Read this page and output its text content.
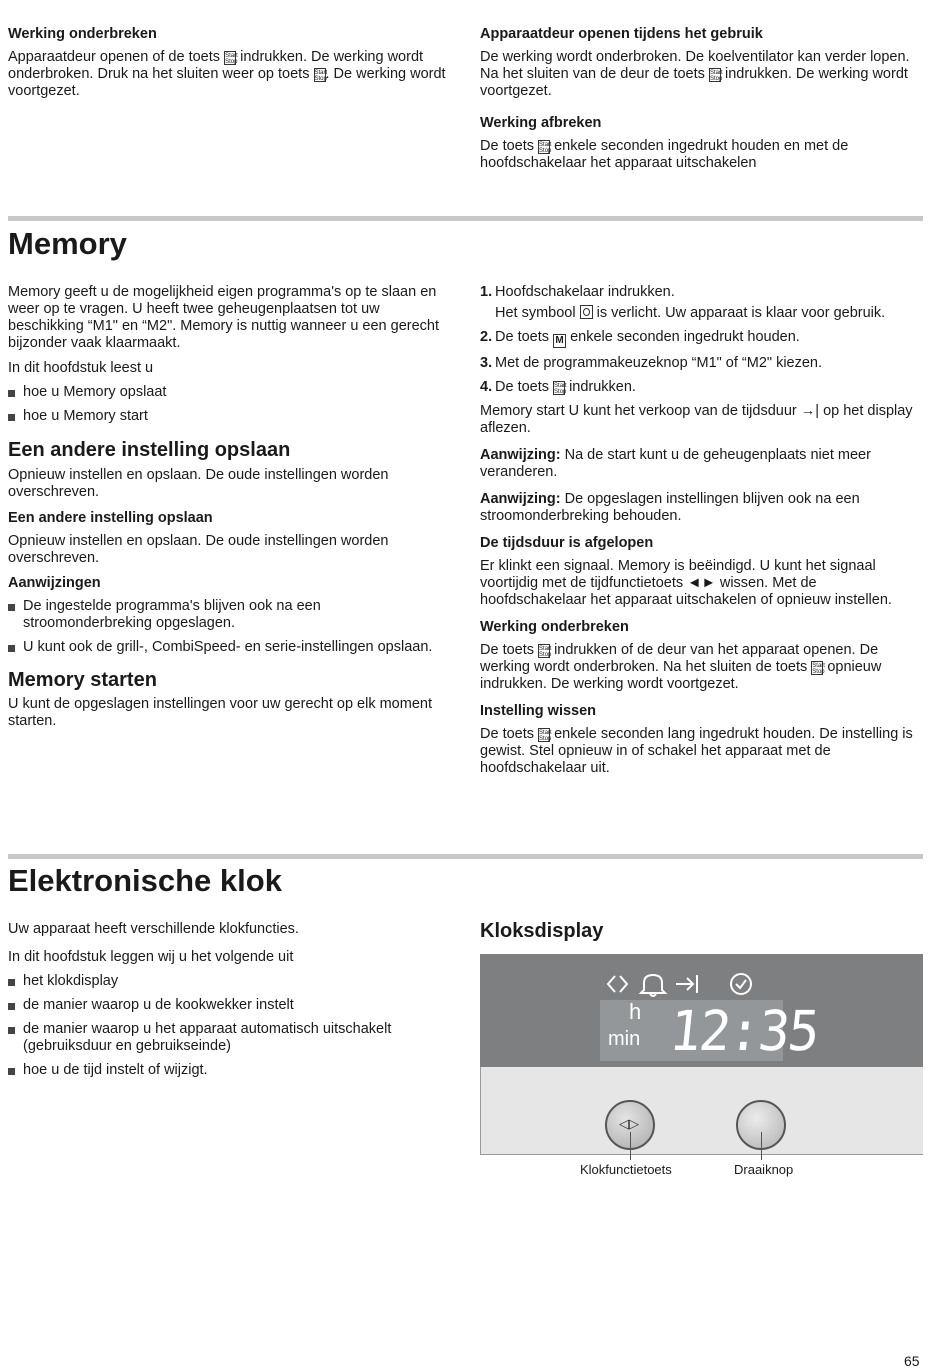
Werking onderbreken

Apparaatdeur openen of de toets Start
Stop indrukken. De werking wordt onderbroken. Druk na het sluiten weer op toets Start
Stop. De werking wordt voortgezet.

Apparaatdeur openen tijdens het gebruik

De werking wordt onderbroken. De koelventilator kan verder lopen. Na het sluiten van de deur de toets Start
Stop indrukken. De werking wordt voortgezet.

Werking afbreken

De toets Start
Stop enkele seconden ingedrukt houden en met de hoofdschakelaar het apparaat uitschakelen

Memory

Memory geeft u de mogelijkheid eigen programma's op te slaan en weer op te vragen. U heeft twee geheugenplaatsen tot uw beschikking “M1" en “M2". Memory is nuttig wanneer u een gerecht bijzonder vaak klaarmaakt.

In dit hoofdstuk leest u

hoe u Memory opslaat
hoe u Memory start
Een andere instelling opslaan

Opnieuw instellen en opslaan. De oude instellingen worden overschreven.

Een andere instelling opslaan

Opnieuw instellen en opslaan. De oude instellingen worden overschreven.

Aanwijzingen
De ingestelde programma's blijven ook na een stroomonderbreking opgeslagen.
U kunt ook de grill-, CombiSpeed- en serie-instellingen opslaan.
Memory starten

U kunt de opgeslagen instellingen voor uw gerecht op elk moment starten.

1. Hoofdschakelaar indrukken.
Het symbool is verlicht. Uw apparaat is klaar voor gebruik.
2. De toets M enkele seconden ingedrukt houden.
3. Met de programmakeuzeknop “M1" of “M2" kiezen.
4. De toets Start
Stop indrukken.

Memory start U kunt het verkoop van de tijdsduur →| op het display aflezen.

Aanwijzing: Na de start kunt u de geheugenplaats niet meer veranderen.

Aanwijzing: De opgeslagen instellingen blijven ook na een stroomonderbreking behouden.

De tijdsduur is afgelopen

Er klinkt een signaal. Memory is beëindigd. U kunt het signaal voortijdig met de tijdfunctietoets ◄► wissen. Met de hoofdschakelaar het apparaat uitschakelen of opnieuw instellen.

Werking onderbreken

De toets Start
Stop indrukken of de deur van het apparaat openen. De werking wordt onderbroken. Na het sluiten de toets Start
Stop opnieuw indrukken. De werking wordt voortgezet.

Instelling wissen

De toets Start
Stop enkele seconden lang ingedrukt houden. De instelling is gewist. Stel opnieuw in of schakel het apparaat met de hoofdschakelaar uit.

Elektronische klok

Uw apparaat heeft verschillende klokfuncties.

In dit hoofdstuk leggen wij u het volgende uit

het klokdisplay
de manier waarop u de kookwekker instelt
de manier waarop u het apparaat automatisch uitschakelt (gebruiksduur en gebruikseinde)
hoe u de tijd instelt of wijzigt.
Kloksdisplay
h
min 12:35
◁▷
Klokfunctietoets	Draaiknop
65
